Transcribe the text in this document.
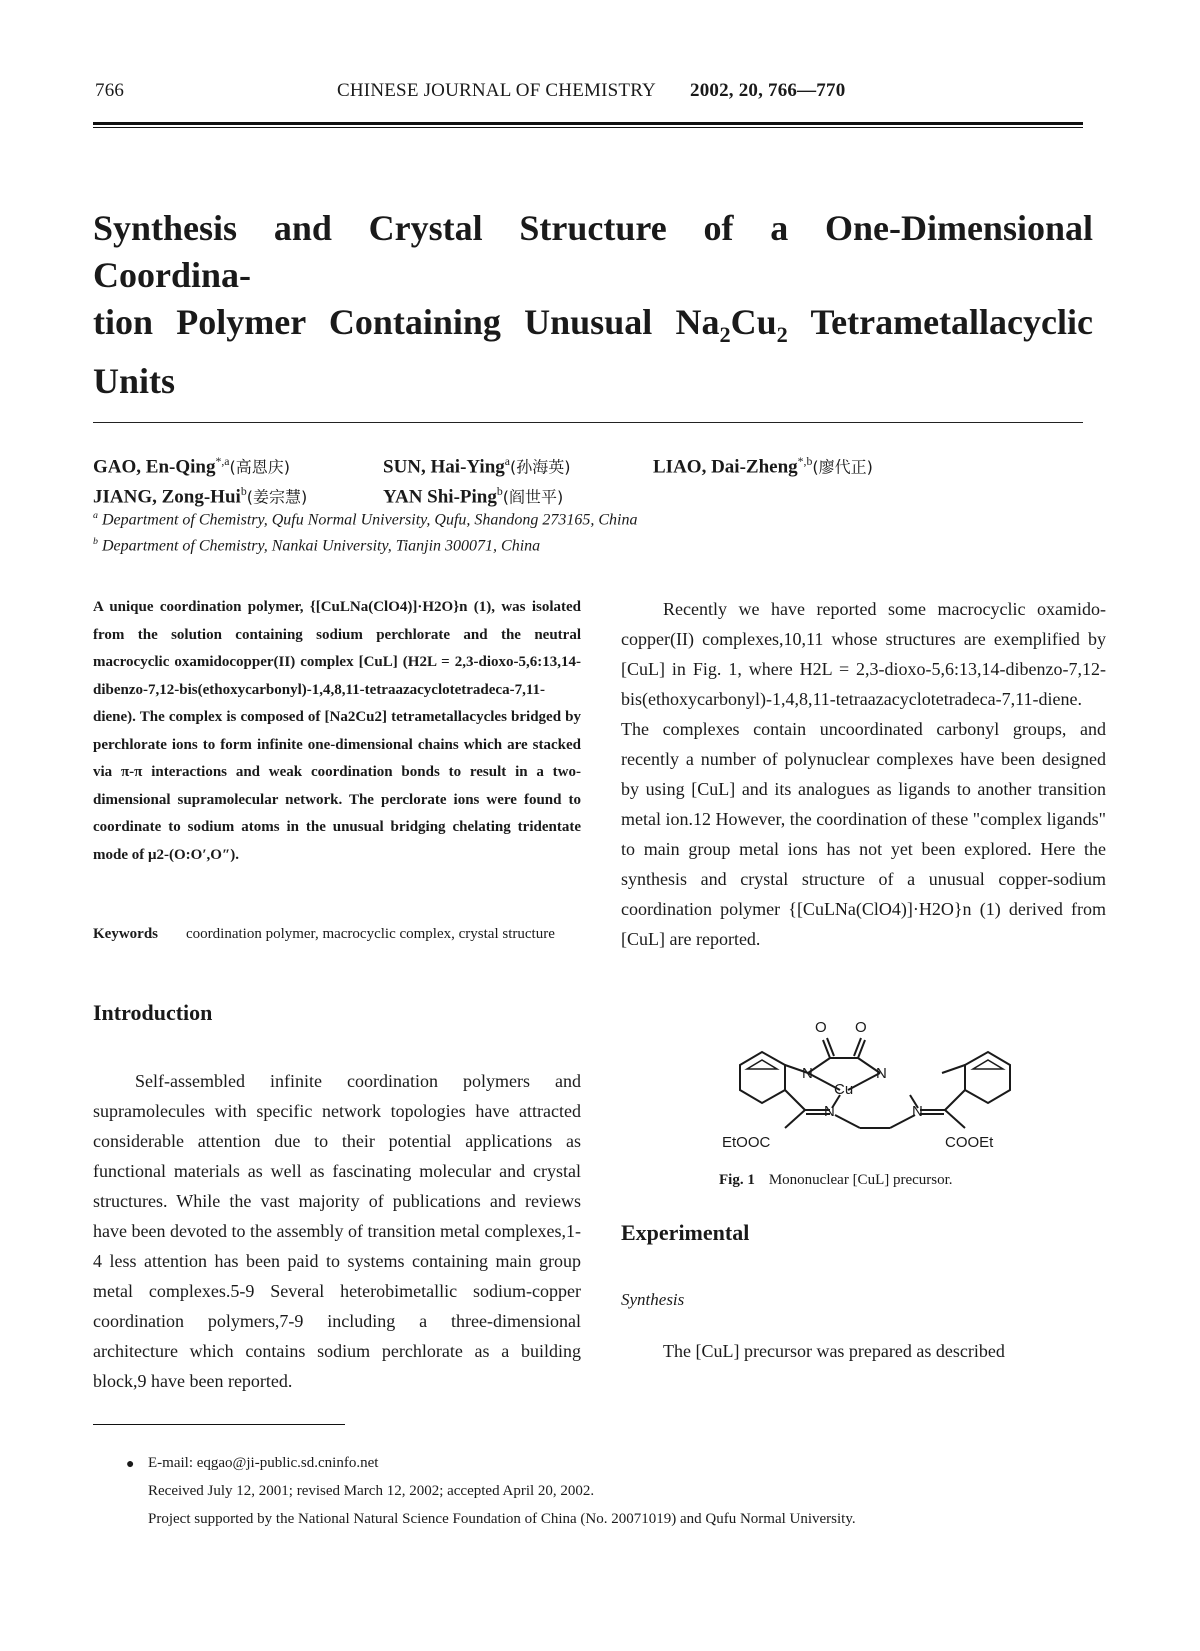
766	CHINESE JOURNAL OF CHEMISTRY 2002, 20, 766—770
Synthesis and Crystal Structure of a One-Dimensional Coordina-
tion Polymer Containing Unusual $Na_2Cu_2$ Tetrametallacyclic
Units
GAO, En-Qing$^{*,a}$(高恩庆)	SUN, Hai-Ying$^a$(孙海英)	LIAO, Dai-Zheng$^{*,b}$(廖代正)
JIANG, Zong-Hui$^b$(姜宗慧)	YAN Shi-Ping$^b$(阎世平)
$^a$ Department of Chemistry, Qufu Normal University, Qufu, Shandong 273165, China
$^b$ Department of Chemistry, Nankai University, Tianjin 300071, China
A unique coordination polymer, {[CuLNa(ClO4)]·H2O}n (1), was isolated from the solution containing sodium perchlorate and the neutral macrocyclic oxamidocopper(II) complex [CuL] (H2L = 2,3-dioxo-5,6:13,14-dibenzo-7,12-bis(ethoxycarbonyl)-1,4,8,11-tetraazacyclotetradeca-7,11-diene). The complex is composed of [Na2Cu2] tetrametallacycles bridged by perchlorate ions to form infinite one-dimensional chains which are stacked via π-π interactions and weak coordination bonds to result in a two-dimensional supramolecular network. The perclorate ions were found to coordinate to sodium atoms in the unusual bridging chelating tridentate mode of μ2-(O:O′,O″).
Keywords coordination polymer, macrocyclic complex, crystal structure
Introduction
Self-assembled infinite coordination polymers and supramolecules with specific network topologies have attracted considerable attention due to their potential applications as functional materials as well as fascinating molecular and crystal structures. While the vast majority of publications and reviews have been devoted to the assembly of transition metal complexes,1-4 less attention has been paid to systems containing main group metal complexes.5-9 Several heterobimetallic sodium-copper coordination polymers,7-9 including a three-dimensional architecture which contains sodium perchlorate as a building block,9 have been reported.
Recently we have reported some macrocyclic oxamido-copper(II) complexes,10,11 whose structures are exemplified by [CuL] in Fig. 1, where H2L = 2,3-dioxo-5,6:13,14-dibenzo-7,12-bis(ethoxycarbonyl)-1,4,8,11-tetraazacyclotetradeca-7,11-diene. The complexes contain uncoordinated carbonyl groups, and recently a number of polynuclear complexes have been designed by using [CuL] and its analogues as ligands to another transition metal ion.12 However, the coordination of these "complex ligands" to main group metal ions has not yet been explored. Here the synthesis and crystal structure of a unusual copper-sodium coordination polymer {[CuLNa(ClO4)]·H2O}n (1) derived from [CuL] are reported.
O O
N	N
Cu
N	N
EtOOC	COOEt
Fig. 1 Mononuclear [CuL] precursor.
Experimental
Synthesis
The [CuL] precursor was prepared as described
● E-mail: eqgao@ji-public.sd.cninfo.net
Received July 12, 2001; revised March 12, 2002; accepted April 20, 2002.
Project supported by the National Natural Science Foundation of China (No. 20071019) and Qufu Normal University.
